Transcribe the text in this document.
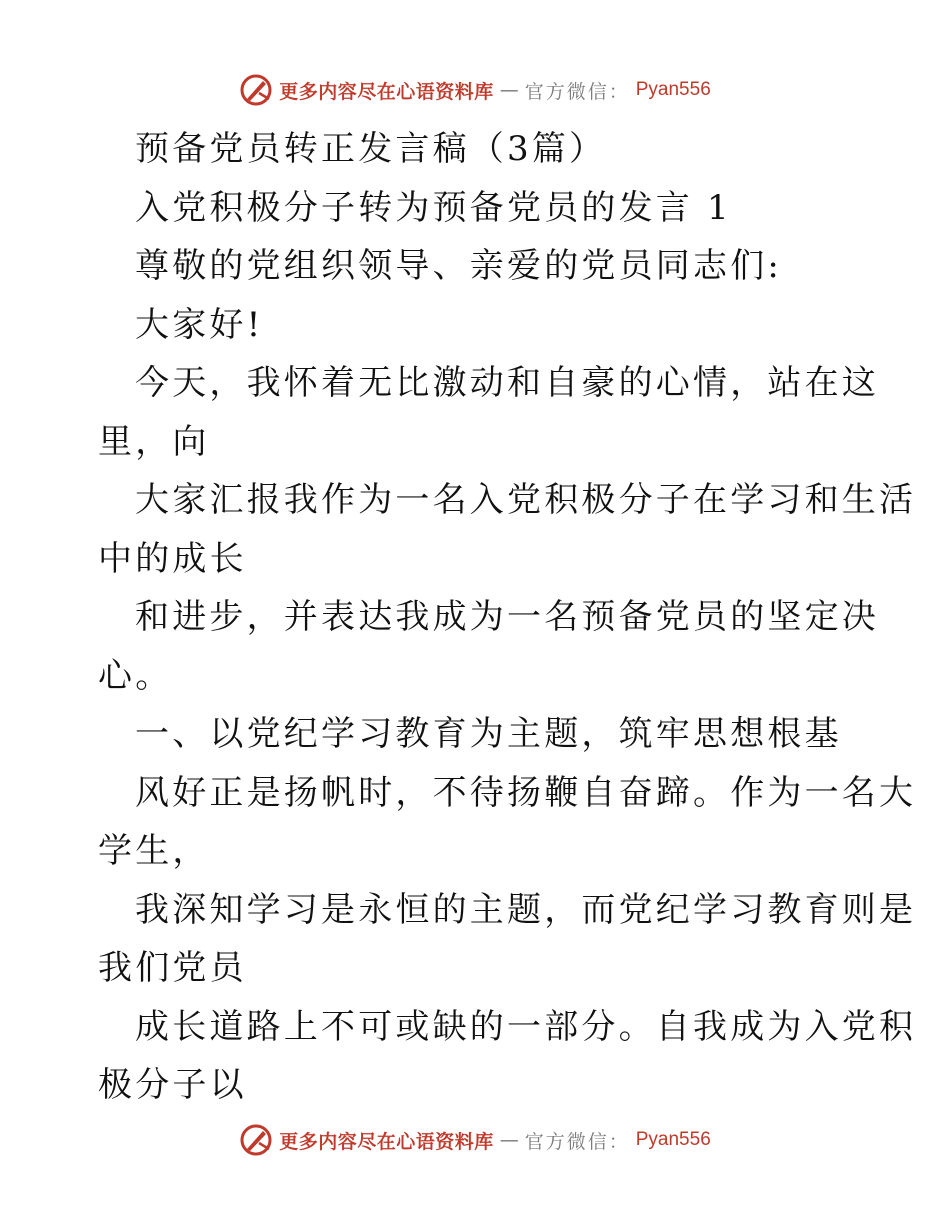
更多内容尽在心语资料库 — 官方微信： Pyan556
预备党员转正发言稿（3篇）
入党积极分子转为预备党员的发言 1
尊敬的党组织领导、亲爱的党员同志们:
大家好!
今天，我怀着无比激动和自豪的心情，站在这
里，向
大家汇报我作为一名入党积极分子在学习和生活
中的成长
和进步，并表达我成为一名预备党员的坚定决
心。
一、以党纪学习教育为主题，筑牢思想根基
风好正是扬帆时，不待扬鞭自奋蹄。作为一名大
学生，
我深知学习是永恒的主题，而党纪学习教育则是
我们党员
成长道路上不可或缺的一部分。自我成为入党积
极分子以
更多内容尽在心语资料库 — 官方微信： Pyan556
